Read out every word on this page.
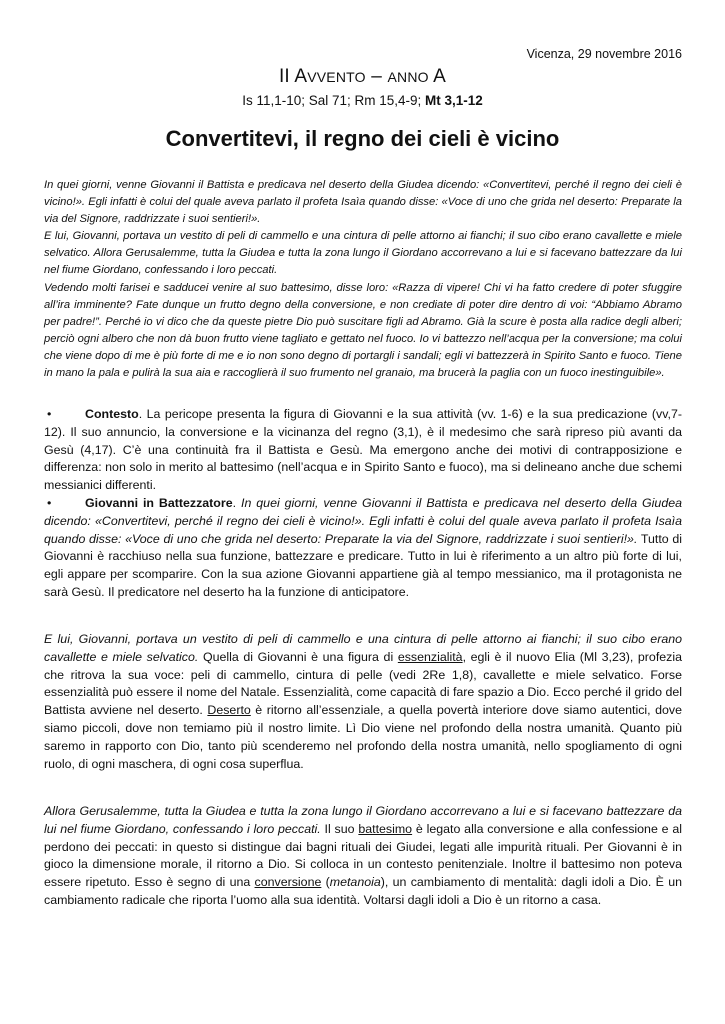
Vicenza, 29 novembre 2016
II AVVENTO – ANNO A
Is 11,1-10; Sal 71; Rm 15,4-9; Mt 3,1-12
Convertitevi, il regno dei cieli è vicino

In quei giorni, venne Giovanni il Battista e predicava nel deserto della Giudea dicendo: «Convertitevi, perché il regno dei cieli è vicino!». Egli infatti è colui del quale aveva parlato il profeta Isaìa quando disse: «Voce di uno che grida nel deserto: Preparate la via del Signore, raddrizzate i suoi sentieri!».

E lui, Giovanni, portava un vestito di peli di cammello e una cintura di pelle attorno ai fianchi; il suo cibo erano cavallette e miele selvatico. Allora Gerusalemme, tutta la Giudea e tutta la zona lungo il Giordano accorrevano a lui e si facevano battezzare da lui nel fiume Giordano, confessando i loro peccati.

Vedendo molti farisei e sadducei venire al suo battesimo, disse loro: «Razza di vipere! Chi vi ha fatto credere di poter sfuggire all’ira imminente? Fate dunque un frutto degno della conversione, e non crediate di poter dire dentro di voi: “Abbiamo Abramo per padre!”. Perché io vi dico che da queste pietre Dio può suscitare figli ad Abramo. Già la scure è posta alla radice degli alberi; perciò ogni albero che non dà buon frutto viene tagliato e gettato nel fuoco. Io vi battezzo nell’acqua per la conversione; ma colui che viene dopo di me è più forte di me e io non sono degno di portargli i sandali; egli vi battezzerà in Spirito Santo e fuoco. Tiene in mano la pala e pulirà la sua aia e raccoglierà il suo frumento nel granaio, ma brucerà la paglia con un fuoco inestinguibile».

•	Contesto. La pericope presenta la figura di Giovanni e la sua attività (vv. 1-6) e la sua predicazione (vv,7-12). Il suo annuncio, la conversione e la vicinanza del regno (3,1), è il medesimo che sarà ripreso più avanti da Gesù (4,17). C’è una continuità fra il Battista e Gesù. Ma emergono anche dei motivi di contrapposizione e differenza: non solo in merito al battesimo (nell’acqua e in Spirito Santo e fuoco), ma si delineano anche due schemi messianici differenti.

•	Giovanni in Battezzatore. In quei giorni, venne Giovanni il Battista e predicava nel deserto della Giudea dicendo: «Convertitevi, perché il regno dei cieli è vicino!». Egli infatti è colui del quale aveva parlato il profeta Isaìa quando disse: «Voce di uno che grida nel deserto: Preparate la via del Signore, raddrizzate i suoi sentieri!». Tutto di Giovanni è racchiuso nella sua funzione, battezzare e predicare. Tutto in lui è riferimento a un altro più forte di lui, egli appare per scomparire. Con la sua azione Giovanni appartiene già al tempo messianico, ma il protagonista ne sarà Gesù. Il predicatore nel deserto ha la funzione di anticipatore.

E lui, Giovanni, portava un vestito di peli di cammello e una cintura di pelle attorno ai fianchi; il suo cibo erano cavallette e miele selvatico. Quella di Giovanni è una figura di essenzialità, egli è il nuovo Elia (Ml 3,23), profezia che ritrova la sua voce: peli di cammello, cintura di pelle (vedi 2Re 1,8), cavallette e miele selvatico. Forse essenzialità può essere il nome del Natale. Essenzialità, come capacità di fare spazio a Dio. Ecco perché il grido del Battista avviene nel deserto. Deserto è ritorno all’essenziale, a quella povertà interiore dove siamo autentici, dove siamo piccoli, dove non temiamo più il nostro limite. Lì Dio viene nel profondo della nostra umanità. Quanto più saremo in rapporto con Dio, tanto più scenderemo nel profondo della nostra umanità, nello spogliamento di ogni ruolo, di ogni maschera, di ogni cosa superflua.

Allora Gerusalemme, tutta la Giudea e tutta la zona lungo il Giordano accorrevano a lui e si facevano battezzare da lui nel fiume Giordano, confessando i loro peccati. Il suo battesimo è legato alla conversione e alla confessione e al perdono dei peccati: in questo si distingue dai bagni rituali dei Giudei, legati alle impurità rituali. Per Giovanni è in gioco la dimensione morale, il ritorno a Dio. Si colloca in un contesto penitenziale. Inoltre il battesimo non poteva essere ripetuto. Esso è segno di una conversione (metanoia), un cambiamento di mentalità: dagli idoli a Dio. È un cambiamento radicale che riporta l’uomo alla sua identità. Voltarsi dagli idoli a Dio è un ritorno a casa.
